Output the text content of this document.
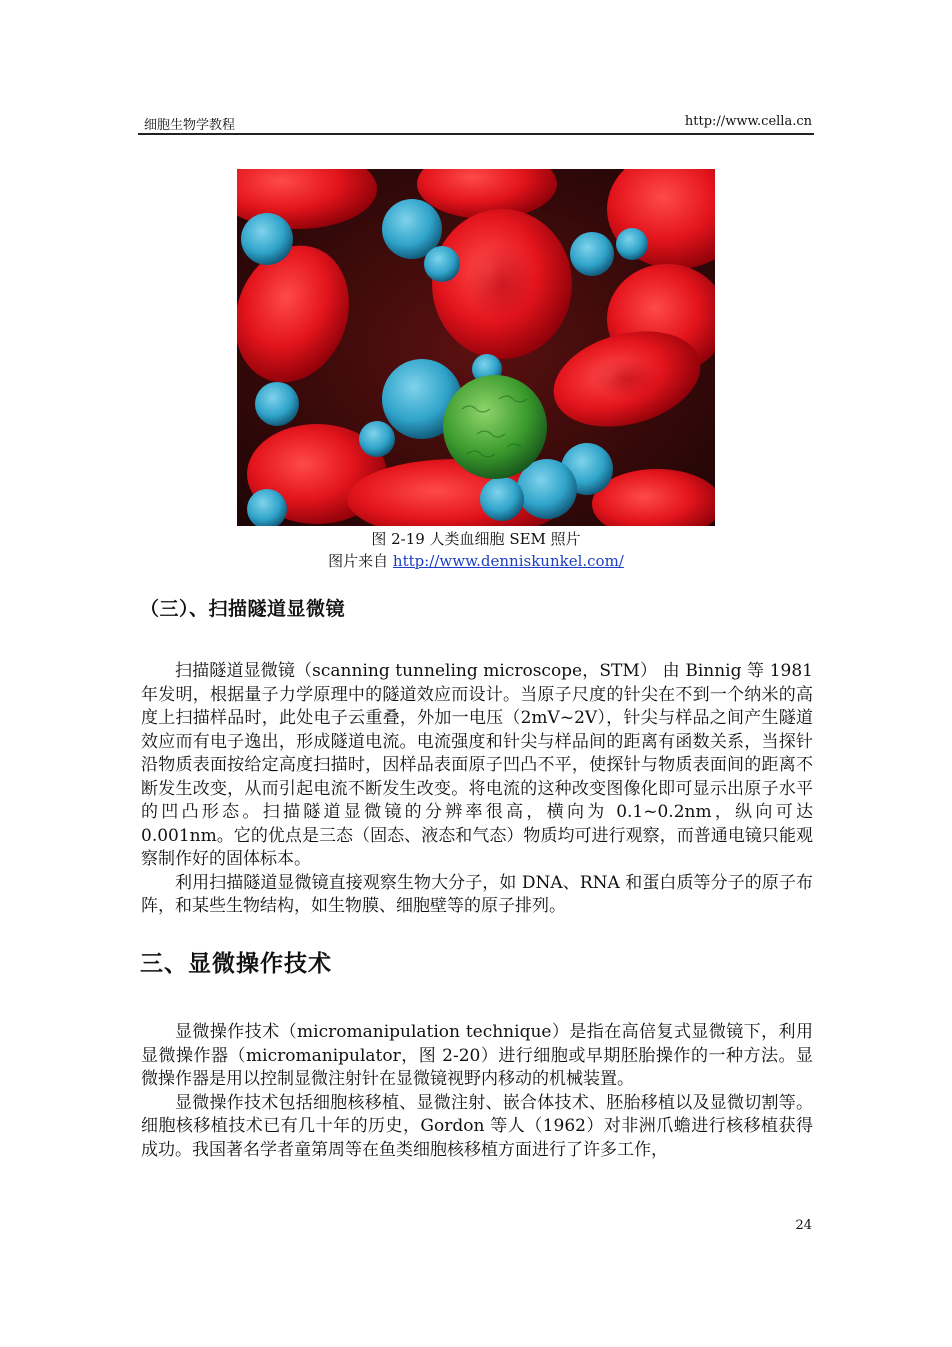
细胞生物学教程	http://www.cella.cn
图 2-19 人类血细胞 SEM 照片
图片来自 http://www.denniskunkel.com/
（三）、扫描隧道显微镜

扫描隧道显微镜（scanning tunneling microscope，STM） 由 Binnig 等 1981 年发明，根据量子力学原理中的隧道效应而设计。当原子尺度的针尖在不到一个纳米的高度上扫描样品时，此处电子云重叠，外加一电压（2mV~2V），针尖与样品之间产生隧道效应而有电子逸出，形成隧道电流。电流强度和针尖与样品间的距离有函数关系，当探针沿物质表面按给定高度扫描时，因样品表面原子凹凸不平，使探针与物质表面间的距离不断发生改变，从而引起电流不断发生改变。将电流的这种改变图像化即可显示出原子水平的凹凸形态。扫描隧道显微镜的分辨率很高，横向为 0.1~0.2nm，纵向可达 0.001nm。它的优点是三态（固态、液态和气态）物质均可进行观察，而普通电镜只能观察制作好的固体标本。

利用扫描隧道显微镜直接观察生物大分子，如 DNA、RNA 和蛋白质等分子的原子布阵，和某些生物结构，如生物膜、细胞壁等的原子排列。

三、显微操作技术

显微操作技术（micromanipulation technique）是指在高倍复式显微镜下，利用显微操作器（micromanipulator，图 2-20）进行细胞或早期胚胎操作的一种方法。显微操作器是用以控制显微注射针在显微镜视野内移动的机械装置。

显微操作技术包括细胞核移植、显微注射、嵌合体技术、胚胎移植以及显微切割等。细胞核移植技术已有几十年的历史，Gordon 等人（1962）对非洲爪蟾进行核移植获得成功。我国著名学者童第周等在鱼类细胞核移植方面进行了许多工作，

24
